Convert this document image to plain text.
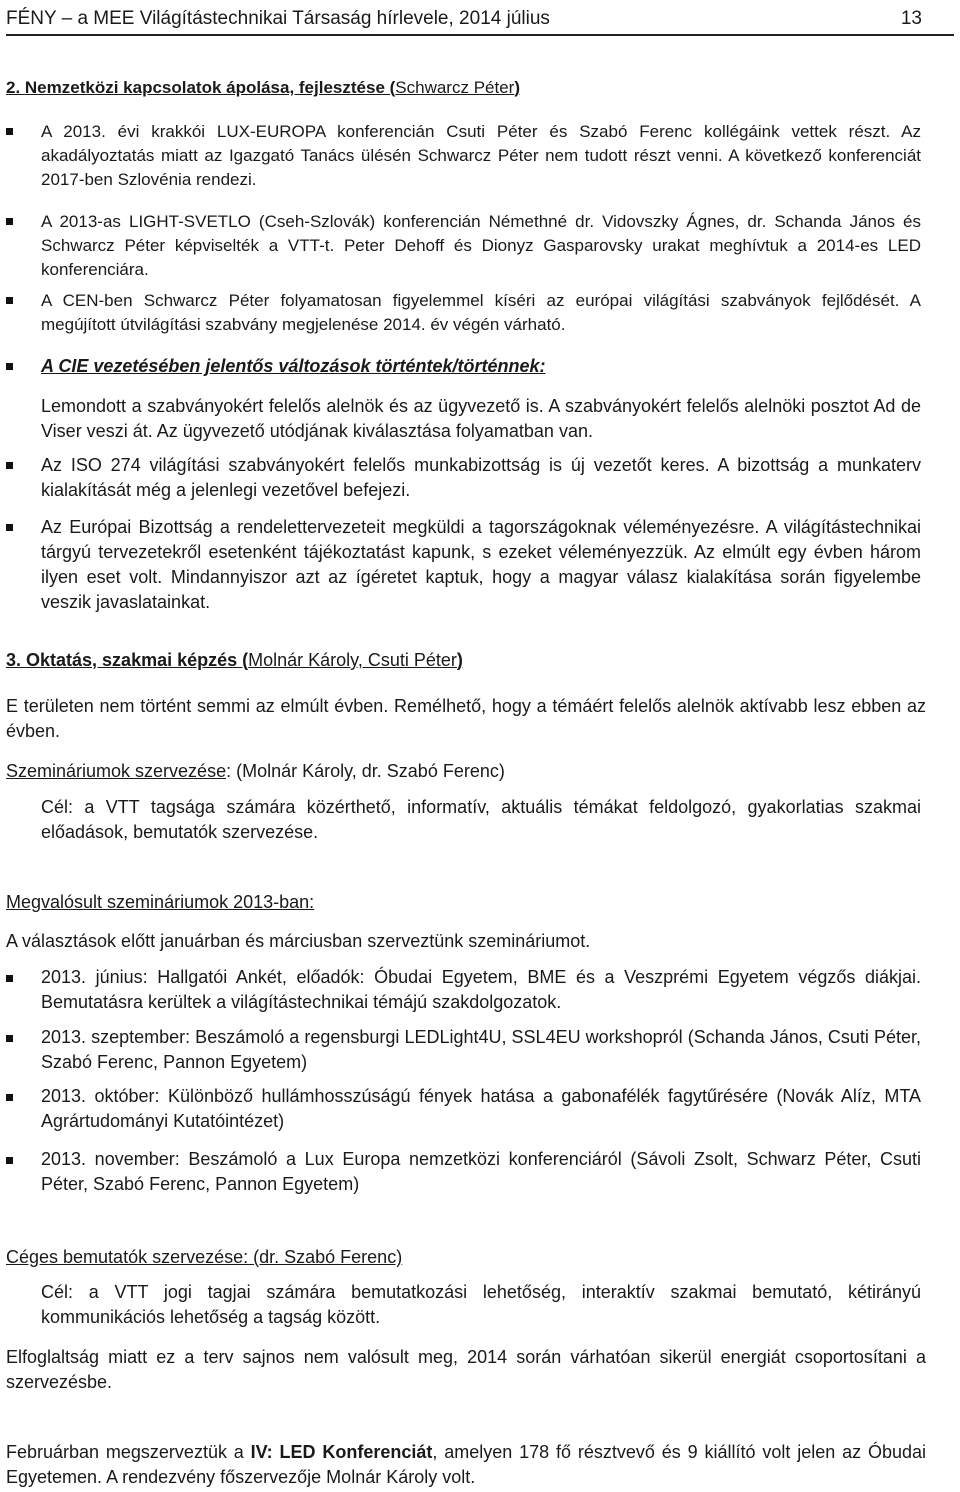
FÉNY – a MEE Világítástechnikai Társaság hírlevele, 2014 július	13
2. Nemzetközi kapcsolatok ápolása, fejlesztése (Schwarcz Péter)
A 2013. évi krakkói LUX-EUROPA konferencián Csuti Péter és Szabó Ferenc kollégáink vettek részt. Az akadályoztatás miatt az Igazgató Tanács ülésén Schwarcz Péter nem tudott részt venni. A következő konferenciát 2017-ben Szlovénia rendezi.
A 2013-as LIGHT-SVETLO (Cseh-Szlovák) konferencián Némethné dr. Vidovszky Ágnes, dr. Schanda János és Schwarcz Péter képviselték a VTT-t. Peter Dehoff és Dionyz Gasparovsky urakat meghívtuk a 2014-es LED konferenciára.
A CEN-ben Schwarcz Péter folyamatosan figyelemmel kíséri az európai világítási szabványok fejlődését. A megújított útvilágítási szabvány megjelenése 2014. év végén várható.
A CIE vezetésében jelentős változások történtek/történnek:
Lemondott a szabványokért felelős alelnök és az ügyvezető is. A szabványokért felelős alelnöki posztot Ad de Viser veszi át. Az ügyvezető utódjának kiválasztása folyamatban van.
Az ISO 274 világítási szabványokért felelős munkabizottság is új vezetőt keres. A bizottság a munkaterv kialakítását még a jelenlegi vezetővel befejezi.
Az Európai Bizottság a rendelettervezeteit megküldi a tagországoknak véleményezésre. A világítástechnikai tárgyú tervezetekről esetenként tájékoztatást kapunk, s ezeket véleményezzük. Az elmúlt egy évben három ilyen eset volt. Mindannyiszor azt az ígéretet kaptuk, hogy a magyar válasz kialakítása során figyelembe veszik javaslatainkat.
3. Oktatás, szakmai képzés (Molnár Károly, Csuti Péter)
E területen nem történt semmi az elmúlt évben. Remélhető, hogy a témáért felelős alelnök aktívabb lesz ebben az évben.
Szemináriumok szervezése: (Molnár Károly, dr. Szabó Ferenc)
Cél: a VTT tagsága számára közérthető, informatív, aktuális témákat feldolgozó, gyakorlatias szakmai előadások, bemutatók szervezése.
Megvalósult szemináriumok 2013-ban:
A választások előtt januárban és márciusban szerveztünk szemináriumot.
2013. június: Hallgatói Ankét, előadók: Óbudai Egyetem, BME és a Veszprémi Egyetem végzős diákjai. Bemutatásra kerültek a világítástechnikai témájú szakdolgozatok.
2013. szeptember: Beszámoló a regensburgi LEDLight4U, SSL4EU workshopról (Schanda János, Csuti Péter, Szabó Ferenc, Pannon Egyetem)
2013. október: Különböző hullámhosszúságú fények hatása a gabonafélék fagytűrésére (Novák Alíz, MTA Agrártudományi Kutatóintézet)
2013. november: Beszámoló a Lux Europa nemzetközi konferenciáról (Sávoli Zsolt, Schwarz Péter, Csuti Péter, Szabó Ferenc, Pannon Egyetem)
Céges bemutatók szervezése: (dr. Szabó Ferenc)
Cél: a VTT jogi tagjai számára bemutatkozási lehetőség, interaktív szakmai bemutató, kétirányú kommunikációs lehetőség a tagság között.
Elfoglaltság miatt ez a terv sajnos nem valósult meg, 2014 során várhatóan sikerül energiát csoportosítani a szervezésbe.
Februárban megszerveztük a IV: LED Konferenciát, amelyen 178 fő résztvevő és 9 kiállító volt jelen az Óbudai Egyetemen. A rendezvény főszervezője Molnár Károly volt.
